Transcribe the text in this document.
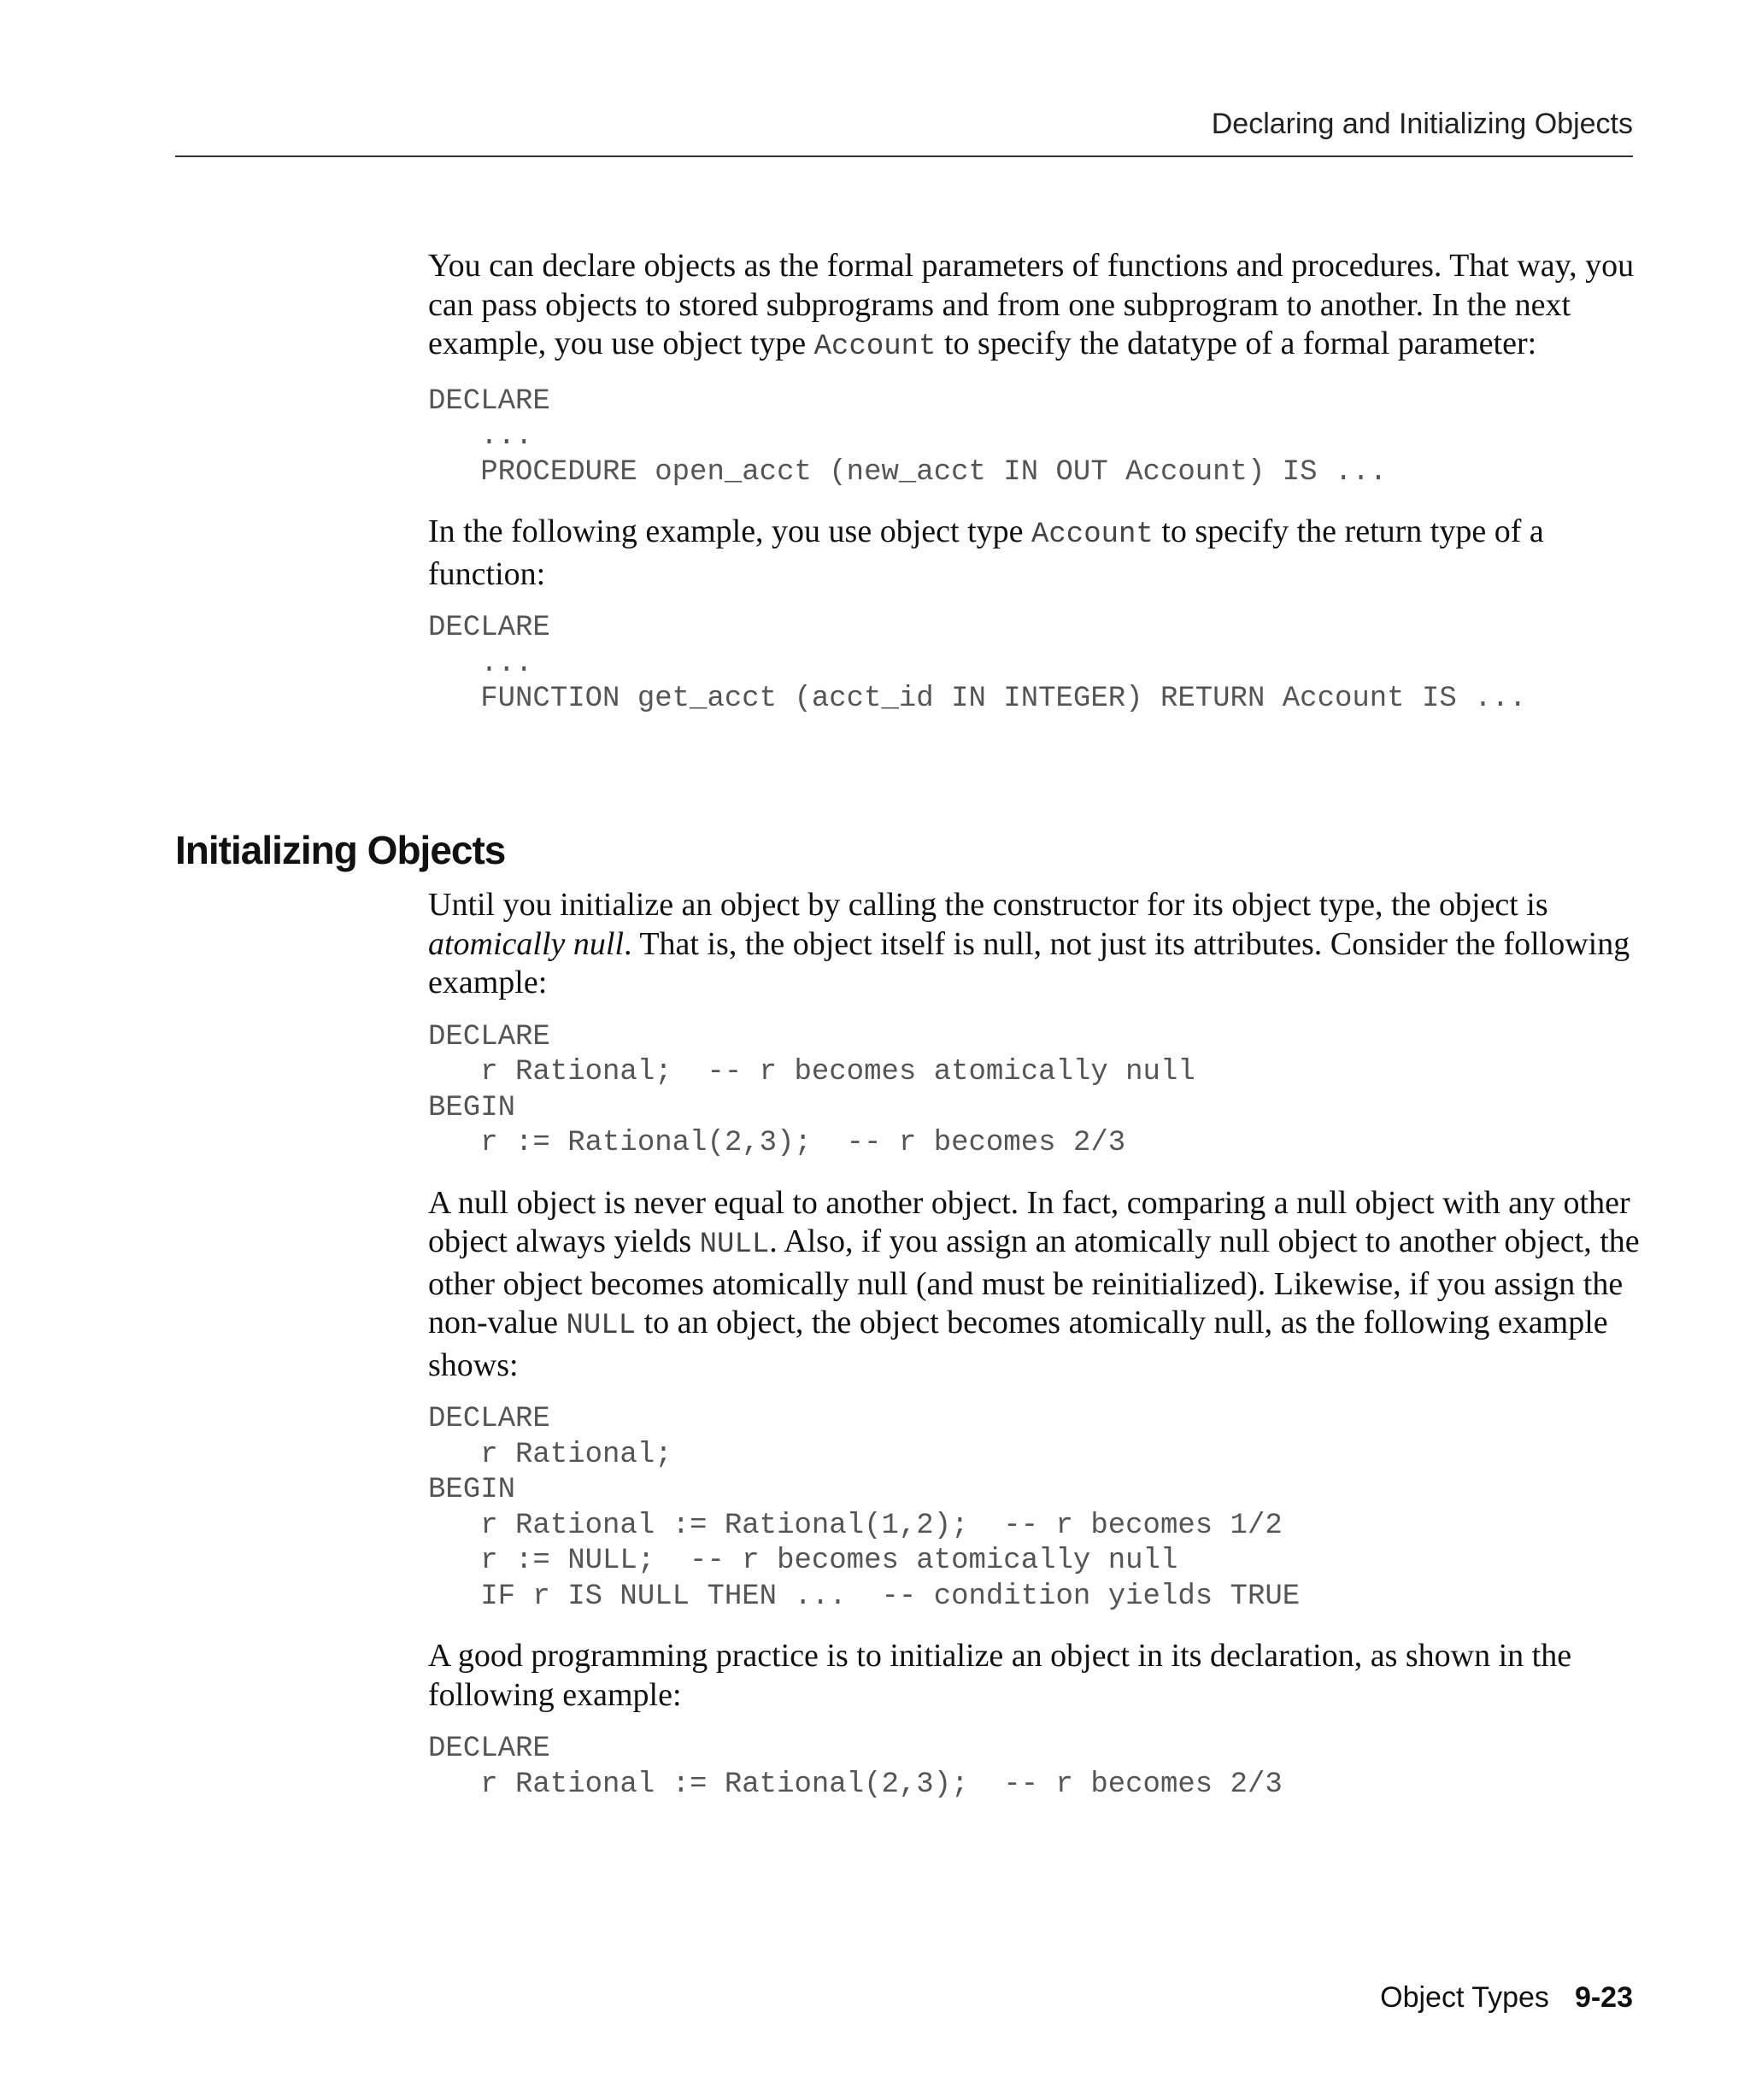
Declaring and Initializing Objects

You can declare objects as the formal parameters of functions and procedures. That way, you can pass objects to stored subprograms and from one subprogram to another. In the next example, you use object type Account to specify the datatype of a formal parameter:

DECLARE
...
PROCEDURE open_acct (new_acct IN OUT Account) IS ...

In the following example, you use object type Account to specify the return type of a function:

DECLARE
...
FUNCTION get_acct (acct_id IN INTEGER) RETURN Account IS ...
Initializing Objects

Until you initialize an object by calling the constructor for its object type, the object is atomically null. That is, the object itself is null, not just its attributes. Consider the following example:

DECLARE
r Rational;  -- r becomes atomically null
BEGIN
r := Rational(2,3);  -- r becomes 2/3

A null object is never equal to another object. In fact, comparing a null object with any other object always yields NULL. Also, if you assign an atomically null object to another object, the other object becomes atomically null (and must be reinitialized). Likewise, if you assign the non-value NULL to an object, the object becomes atomically null, as the following example shows:

DECLARE
r Rational;
BEGIN
r Rational := Rational(1,2);  -- r becomes 1/2
r := NULL;  -- r becomes atomically null
IF r IS NULL THEN ...  -- condition yields TRUE

A good programming practice is to initialize an object in its declaration, as shown in the following example:

DECLARE
r Rational := Rational(2,3);  -- r becomes 2/3
Object Types 9-23
